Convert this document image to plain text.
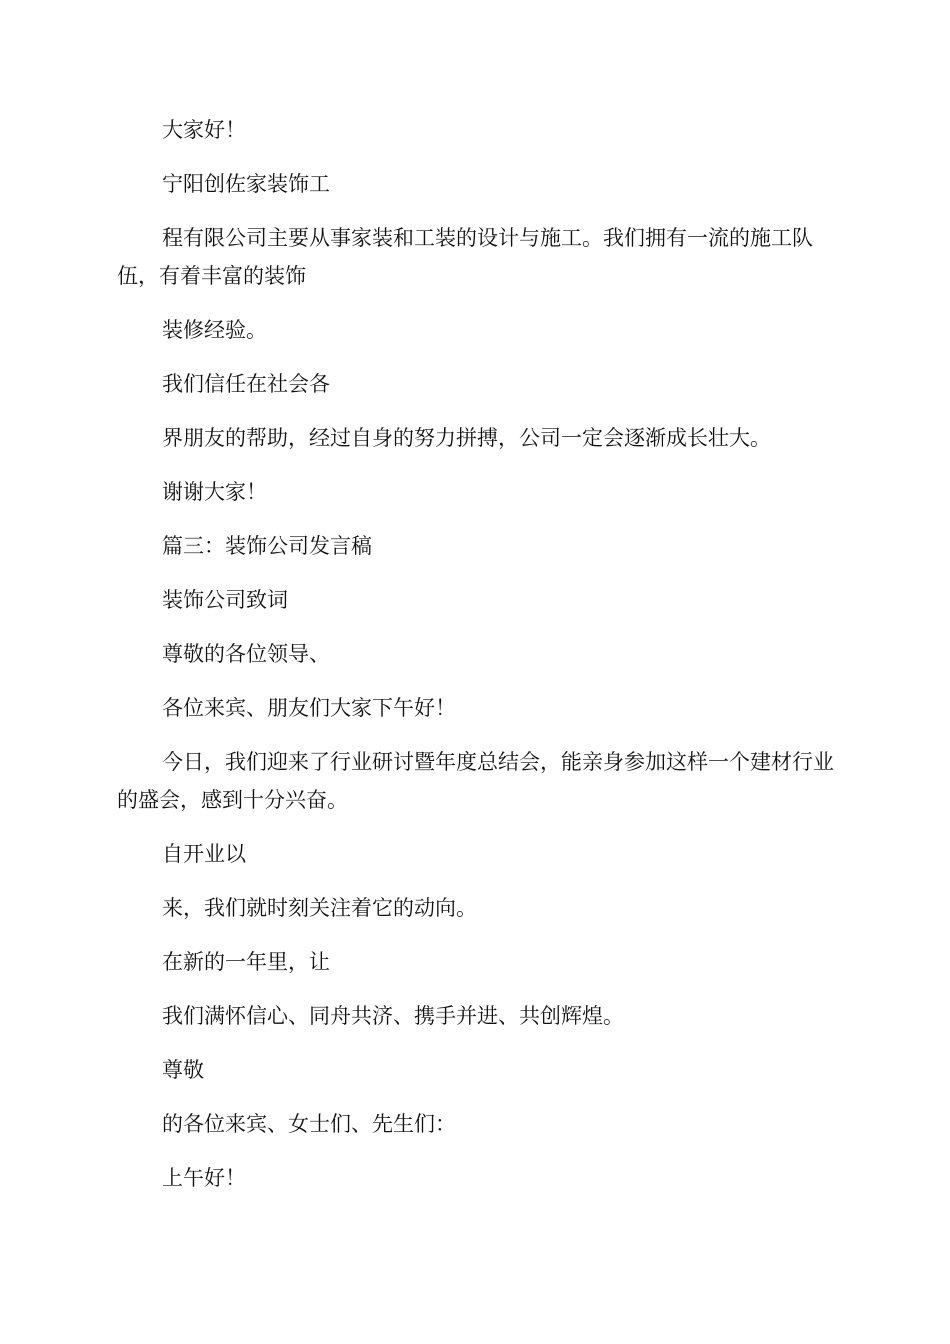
大家好！

宁阳创佐家装饰工

程有限公司主要从事家装和工装的设计与施工。我们拥有一流的施工队伍，有着丰富的装饰

装修经验。

我们信任在社会各

界朋友的帮助，经过自身的努力拼搏，公司一定会逐渐成长壮大。

谢谢大家！

篇三：装饰公司发言稿

装饰公司致词

尊敬的各位领导、

各位来宾、朋友们大家下午好！

今日，我们迎来了行业研讨暨年度总结会，能亲身参加这样一个建材行业的盛会，感到十分兴奋。

自开业以

来，我们就时刻关注着它的动向。

在新的一年里，让

我们满怀信心、同舟共济、携手并进、共创辉煌。

尊敬

的各位来宾、女士们、先生们：

上午好！
